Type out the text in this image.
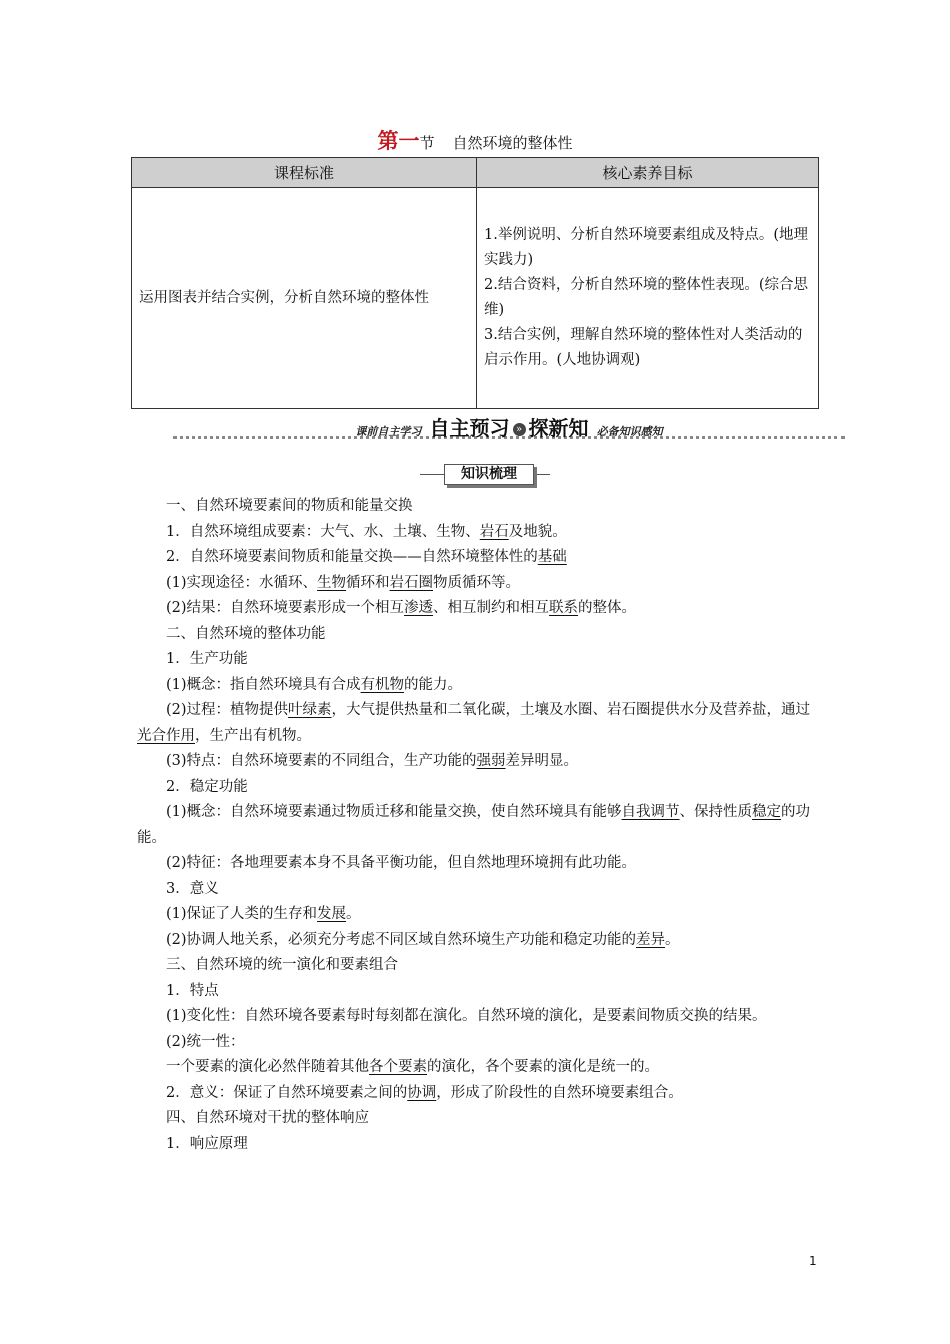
第一节 自然环境的整体性
课程标准	核心素养目标
运用图表并结合实例，分析自然环境的整体性	1.举例说明、分析自然环境要素组成及特点。(地理实践力)
2.结合资料，分析自然环境的整体性表现。(综合思维)
3.结合实例，理解自然环境的整体性对人类活动的启示作用。(人地协调观)
课前自主学习 自主预习 » 探新知 必备知识感知
知识梳理

一、自然环境要素间的物质和能量交换

1．自然环境组成要素：大气、水、土壤、生物、岩石及地貌。

2．自然环境要素间物质和能量交换——自然环境整体性的基础

(1)实现途径：水循环、生物循环和岩石圈物质循环等。

(2)结果：自然环境要素形成一个相互渗透、相互制约和相互联系的整体。

二、自然环境的整体功能

1．生产功能

(1)概念：指自然环境具有合成有机物的能力。

(2)过程：植物提供叶绿素，大气提供热量和二氧化碳，土壤及水圈、岩石圈提供水分及营养盐，通过光合作用，生产出有机物。

(3)特点：自然环境要素的不同组合，生产功能的强弱差异明显。

2．稳定功能

(1)概念：自然环境要素通过物质迁移和能量交换，使自然环境具有能够自我调节、保持性质稳定的功能。

(2)特征：各地理要素本身不具备平衡功能，但自然地理环境拥有此功能。

3．意义

(1)保证了人类的生存和发展。

(2)协调人地关系，必须充分考虑不同区域自然环境生产功能和稳定功能的差异。

三、自然环境的统一演化和要素组合

1．特点

(1)变化性：自然环境各要素每时每刻都在演化。自然环境的演化，是要素间物质交换的结果。

(2)统一性：

一个要素的演化必然伴随着其他各个要素的演化，各个要素的演化是统一的。

2．意义：保证了自然环境要素之间的协调，形成了阶段性的自然环境要素组合。

四、自然环境对干扰的整体响应

1．响应原理

1
